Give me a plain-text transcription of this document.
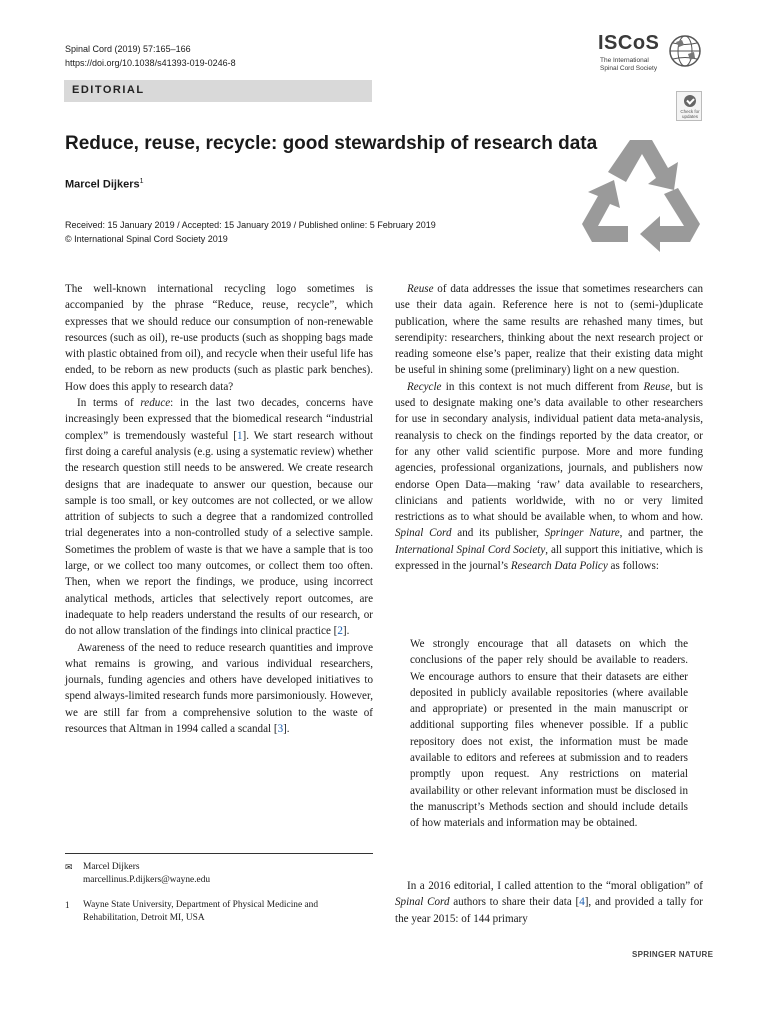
Spinal Cord (2019) 57:165–166
https://doi.org/10.1038/s41393-019-0246-8
ISCoS
The International
Spinal Cord Society
EDITORIAL
Check for updates
Reduce, reuse, recycle: good stewardship of research data
Marcel Dijkers$^1$
Received: 15 January 2019 / Accepted: 15 January 2019 / Published online: 5 February 2019
© International Spinal Cord Society 2019

The well-known international recycling logo sometimes is accompanied by the phrase “Reduce, reuse, recycle”, which expresses that we should reduce our consumption of non-renewable resources (such as oil), re-use products (such as shopping bags made with plastic obtained from oil), and recycle when their useful life has ended, to be reborn as new products (such as plastic park benches). How does this apply to research data?

In terms of reduce: in the last two decades, concerns have increasingly been expressed that the biomedical research “industrial complex” is tremendously wasteful [1]. We start research without first doing a careful analysis (e.g. using a systematic review) whether the research question still needs to be answered. We create research designs that are inadequate to answer our question, because our sample is too small, or key outcomes are not collected, or we allow attrition of subjects to such a degree that a randomized controlled trial degenerates into a non-controlled study of a selective sample. Sometimes the problem of waste is that we have a sample that is too large, or we collect too many outcomes, or collect them too often. Then, when we report the findings, we produce, using incorrect analytical methods, articles that selectively report outcomes, are inadequate to help readers understand the results of our research, or do not allow translation of the findings into clinical practice [2].

Awareness of the need to reduce research quantities and improve what remains is growing, and various individual researchers, journals, funding agencies and others have developed initiatives to spend always-limited research funds more parsimoniously. However, we are still far from a comprehensive solution to the waste of resources that Altman in 1994 called a scandal [3].

Reuse of data addresses the issue that sometimes researchers can use their data again. Reference here is not to (semi-)duplicate publication, where the same results are rehashed many times, but serendipity: researchers, thinking about the next research project or reading someone else’s paper, realize that their existing data might be useful in shining some (preliminary) light on a new question.

Recycle in this context is not much different from Reuse, but is used to designate making one’s data available to other researchers for use in secondary analysis, individual patient data meta-analysis, reanalysis to check on the findings reported by the data creator, or for any other valid scientific purpose. More and more funding agencies, professional organizations, journals, and publishers now endorse Open Data—making ‘raw’ data available to researchers, clinicians and patients worldwide, with no or very limited restrictions as to what should be available when, to whom and how. Spinal Cord and its publisher, Springer Nature, and partner, the International Spinal Cord Society, all support this initiative, which is expressed in the journal’s Research Data Policy as follows:

We strongly encourage that all datasets on which the conclusions of the paper rely should be available to readers. We encourage authors to ensure that their datasets are either deposited in publicly available repositories (where available and appropriate) or presented in the main manuscript or additional supporting files whenever possible. If a public repository does not exist, the information must be made available to editors and referees at submission and to readers promptly upon request. Any restrictions on material availability or other relevant information must be disclosed in the manuscript’s Methods section and should include details of how materials and information may be obtained.
In a 2016 editorial, I called attention to the “moral obligation” of Spinal Cord authors to share their data [4], and provided a tally for the year 2015: of 144 primary
✉ Marcel Dijkers
marcellinus.P.dijkers@wayne.edu
1 Wayne State University, Department of Physical Medicine and Rehabilitation, Detroit MI, USA
SPRINGER NATURE
